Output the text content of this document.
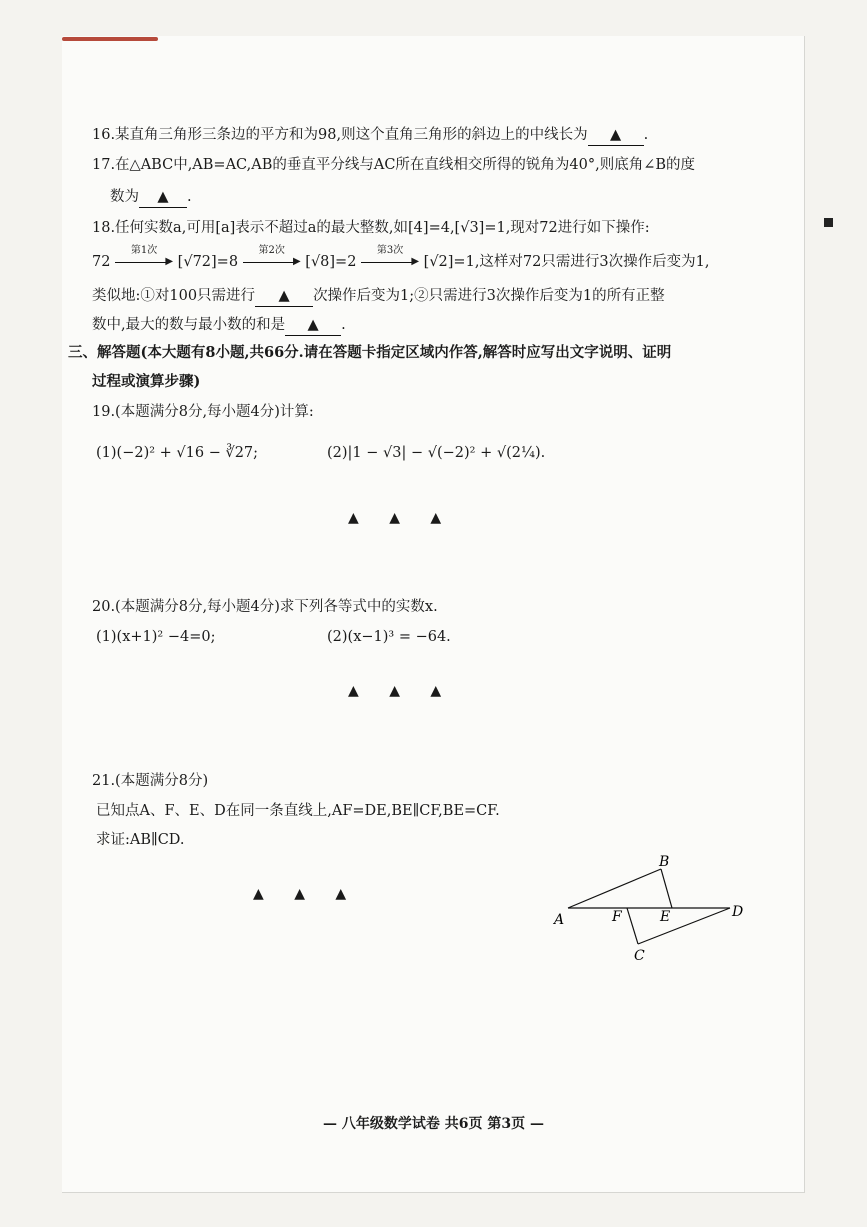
16.某直角三角形三条边的平方和为98,则这个直角三角形的斜边上的中线长为 ▲ .
17.在△ABC中,AB=AC,AB的垂直平分线与AC所在直线相交所得的锐角为40°,则底角∠B的度
数为 ▲ .
18.任何实数a,可用[a]表示不超过a的最大整数,如[4]=4,[√3]=1,现对72进行如下操作:
72
第1次
▶ [√72]=8
第2次
▶ [√8]=2
第3次
▶ [√2]=1,这样对72只需进行3次操作后变为1,
类似地:①对100只需进行 ▲ 次操作后变为1;②只需进行3次操作后变为1的所有正整
数中,最大的数与最小数的和是 ▲ .
三、解答题(本大题有8小题,共66分.请在答题卡指定区域内作答,解答时应写出文字说明、证明
过程或演算步骤)
19.(本题满分8分,每小题4分)计算:
(1)(−2)² + √16 − ∛27;	(2)|1 − √3| − √(−2)² + √(2¼).
▲ ▲ ▲
20.(本题满分8分,每小题4分)求下列各等式中的实数x.
(1)(x+1)² −4=0;	(2)(x−1)³ = −64.
▲ ▲ ▲
21.(本题满分8分)
已知点A、F、E、D在同一条直线上,AF=DE,BE∥CF,BE=CF.
求证:AB∥CD.
▲ ▲ ▲
A
B
C
D
E
F
— 八年级数学试卷 共6页 第3页 —
